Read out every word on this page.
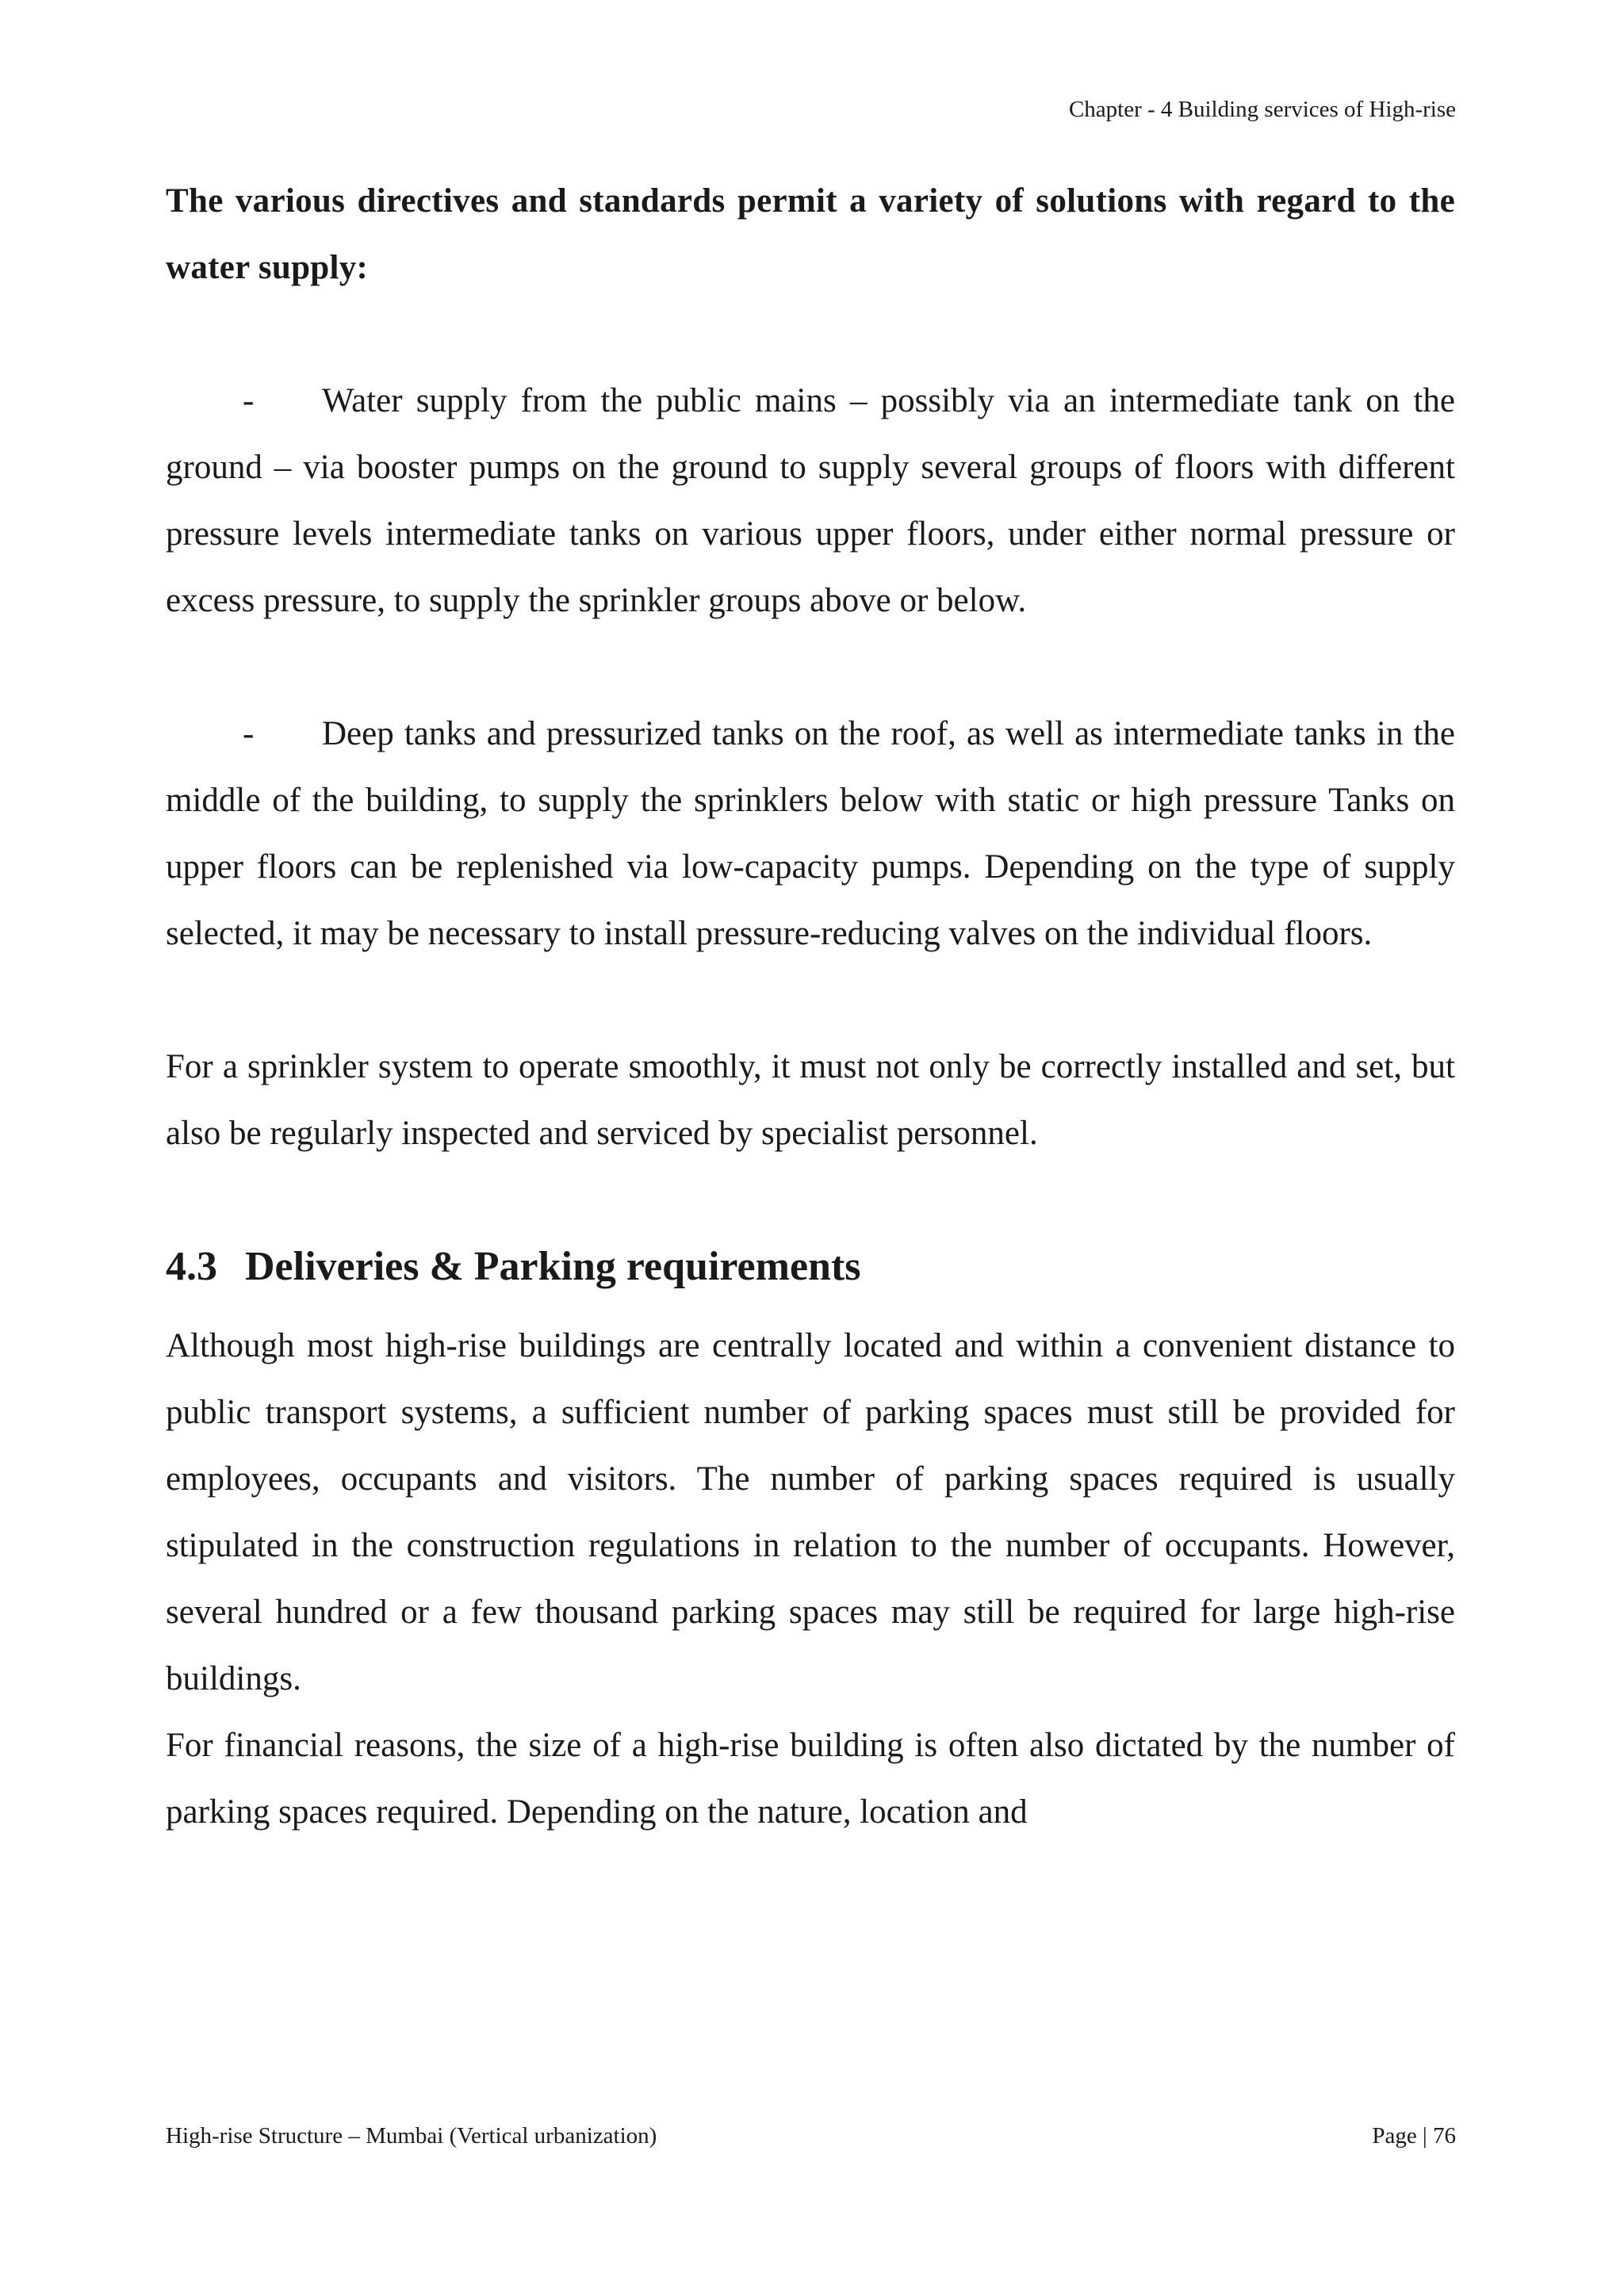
Chapter - 4 Building services of High-rise

The various directives and standards permit a variety of solutions with regard to the water supply:

- Water supply from the public mains – possibly via an intermediate tank on the ground – via booster pumps on the ground to supply several groups of floors with different pressure levels intermediate tanks on various upper floors, under either normal pressure or excess pressure, to supply the sprinkler groups above or below.

- Deep tanks and pressurized tanks on the roof, as well as intermediate tanks in the middle of the building, to supply the sprinklers below with static or high pressure Tanks on upper floors can be replenished via low-capacity pumps. Depending on the type of supply selected, it may be necessary to install pressure-reducing valves on the individual floors.

For a sprinkler system to operate smoothly, it must not only be correctly installed and set, but also be regularly inspected and serviced by specialist personnel.

4.3 Deliveries & Parking requirements

Although most high-rise buildings are centrally located and within a convenient distance to public transport systems, a sufficient number of parking spaces must still be provided for employees, occupants and visitors. The number of parking spaces required is usually stipulated in the construction regulations in relation to the number of occupants. However, several hundred or a few thousand parking spaces may still be required for large high-rise buildings.

For financial reasons, the size of a high-rise building is often also dictated by the number of parking spaces required. Depending on the nature, location and

High-rise Structure – Mumbai (Vertical urbanization)	Page | 76
